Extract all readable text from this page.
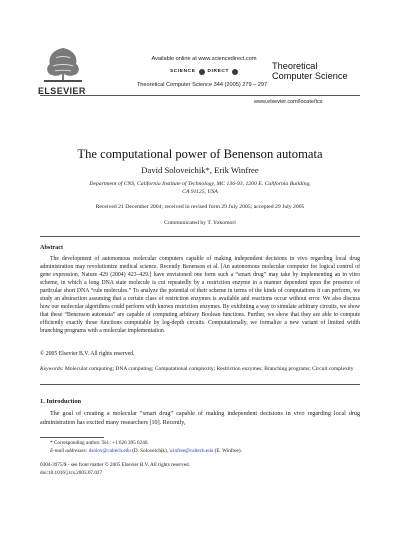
ELSEVIER
Available online at www.sciencedirect.com
SCIENCE	DIRECT
Theoretical Computer Science 344 (2005) 279 – 297
Theoretical
Computer Science
www.elsevier.com/locate/tcs
The computational power of Benenson automata
David Soloveichik*, Erik Winfree
Department of CNS, California Institute of Technology, MC 136-93, 1200 E. California Building,
CA 91125, USA
Received 21 December 2004; received in revised form 29 July 2005; accepted 29 July 2005
Communicated by T. Yokomori
Abstract

The development of autonomous molecular computers capable of making independent decisions in vivo regarding local drug administration may revolutionize medical science. Recently Benenson et al. [An autonomous molecular computer for logical control of gene expression, Nature 429 (2004) 423–429.] have envisioned one form such a “smart drug” may take by implementing an in vitro scheme, in which a long DNA state molecule is cut repeatedly by a restriction enzyme in a manner dependent upon the presence of particular short DNA “rule molecules.” To analyze the potential of their scheme in terms of the kinds of computations it can perform, we study an abstraction assuming that a certain class of restriction enzymes is available and reactions occur without error. We also discuss how our molecular algorithms could perform with known restriction enzymes. By exhibiting a way to simulate arbitrary circuits, we show that these “Benenson automata” are capable of computing arbitrary Boolean functions. Further, we show that they are able to compute efficiently exactly those functions computable by log-depth circuits. Computationally, we formalize a new variant of limited width branching programs with a molecular implementation.

© 2005 Elsevier B.V. All rights reserved.
Keywords: Molecular computing; DNA computing; Computational complexity; Restriction enzymes; Branching programs; Circuit complexity
1. Introduction

The goal of creating a molecular “smart drug” capable of making independent decisions in vivo regarding local drug administration has excited many researchers [10]. Recently,

* Corresponding author. Tel.: +1 626 395 6246.
E-mail addresses: dsolov@caltech.edu (D. Soloveichik), winfree@caltech.edu (E. Winfree).
0304-3975/$ - see front matter © 2005 Elsevier B.V. All rights reserved.
doi:10.1016/j.tcs.2005.07.027
